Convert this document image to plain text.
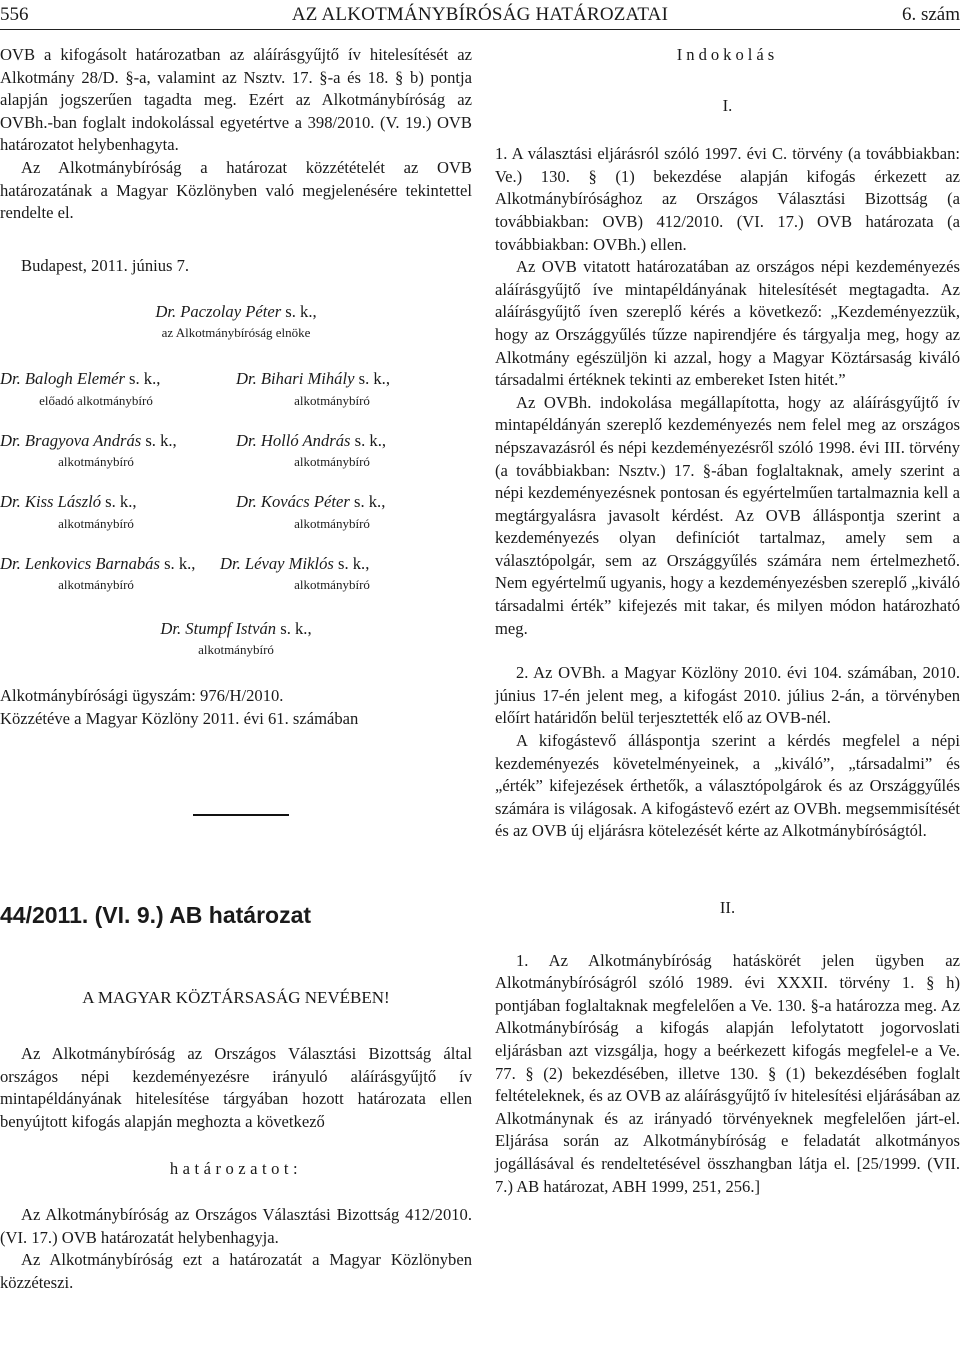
556	AZ ALKOTMÁNYBÍRÓSÁG HATÁROZATAI	6. szám

OVB a kifogásolt határozatban az aláírásgyűjtő ív hitelesítését az Alkotmány 28/D. §-a, valamint az Nsztv. 17. §-a és 18. § b) pontja alapján jogszerűen tagadta meg. Ezért az Alkotmánybíróság az OVBh.-ban foglalt indokolással egyetértve a 398/2010. (V. 19.) OVB határozatot helybenhagyta.

Az Alkotmánybíróság a határozat közzétételét az OVB határozatának a Magyar Közlönyben való megjelenésére tekintettel rendelte el.

Budapest, 2011. június 7.
Dr. Paczolay Péter s. k.,
az Alkotmánybíróság elnöke
Dr. Balogh Elemér s. k.,
előadó alkotmánybíró
Dr. Bihari Mihály s. k.,
alkotmánybíró
Dr. Bragyova András s. k.,
alkotmánybíró
Dr. Holló András s. k.,
alkotmánybíró
Dr. Kiss László s. k.,
alkotmánybíró
Dr. Kovács Péter s. k.,
alkotmánybíró
Dr. Lenkovics Barnabás s. k.,
alkotmánybíró
Dr. Lévay Miklós s. k.,
alkotmánybíró
Dr. Stumpf István s. k.,
alkotmánybíró
Alkotmánybírósági ügyszám: 976/H/2010.
Közzétéve a Magyar Közlöny 2011. évi 61. számában
44/2011. (VI. 9.) AB határozat
A MAGYAR KÖZTÁRSASÁG NEVÉBEN!

Az Alkotmánybíróság az Országos Választási Bizottság által országos népi kezdeményezésre irányuló aláírásgyűjtő ív mintapéldányának hitelesítése tárgyában hozott határozata ellen benyújtott kifogás alapján meghozta a következő

határozatot:

Az Alkotmánybíróság az Országos Választási Bizottság 412/2010. (VI. 17.) OVB határozatát helybenhagyja.

Az Alkotmánybíróság ezt a határozatát a Magyar Közlönyben közzéteszi.

Indokolás
I.

1. A választási eljárásról szóló 1997. évi C. törvény (a továbbiakban: Ve.) 130. § (1) bekezdése alapján kifogás érkezett az Alkotmánybírósághoz az Országos Választási Bizottság (a továbbiakban: OVB) 412/2010. (VI. 17.) OVB határozata (a továbbiakban: OVBh.) ellen.

Az OVB vitatott határozatában az országos népi kezdeményezés aláírásgyűjtő íve mintapéldányának hitelesítését megtagadta. Az aláírásgyűjtő íven szereplő kérés a következő: „Kezdeményezzük, hogy az Országgyűlés tűzze napirendjére és tárgyalja meg, hogy az Alkotmány egészüljön ki azzal, hogy a Magyar Köztársaság kiváló társadalmi értéknek tekinti az embereket Isten hitét.”

Az OVBh. indokolása megállapította, hogy az aláírásgyűjtő ív mintapéldányán szereplő kezdeményezés nem felel meg az országos népszavazásról és népi kezdeményezésről szóló 1998. évi III. törvény (a továbbiakban: Nsztv.) 17. §-ában foglaltaknak, amely szerint a népi kezdeményezésnek pontosan és egyértelműen tartalmaznia kell a megtárgyalásra javasolt kérdést. Az OVB álláspontja szerint a kezdeményezés olyan definíciót tartalmaz, amely sem a választópolgár, sem az Országgyűlés számára nem értelmezhető. Nem egyértelmű ugyanis, hogy a kezdeményezésben szereplő „kiváló társadalmi érték” kifejezés mit takar, és milyen módon határozható meg.

2. Az OVBh. a Magyar Közlöny 2010. évi 104. számában, 2010. június 17-én jelent meg, a kifogást 2010. július 2-án, a törvényben előírt határidőn belül terjesztették elő az OVB-nél.

A kifogástevő álláspontja szerint a kérdés megfelel a népi kezdeményezés követelményeinek, a „kiváló”, „társadalmi” és „érték” kifejezések érthetők, a választópolgárok és az Országgyűlés számára is világosak. A kifogástevő ezért az OVBh. megsemmisítését és az OVB új eljárásra kötelezését kérte az Alkotmánybíróságtól.

II.

1. Az Alkotmánybíróság hatáskörét jelen ügyben az Alkotmánybíróságról szóló 1989. évi XXXII. törvény 1. § h) pontjában foglaltaknak megfelelően a Ve. 130. §-a határozza meg. Az Alkotmánybíróság a kifogás alapján lefolytatott jogorvoslati eljárásban azt vizsgálja, hogy a beérkezett kifogás megfelel-e a Ve. 77. § (2) bekezdésében, illetve 130. § (1) bekezdésében foglalt feltételeknek, és az OVB az aláírásgyűjtő ív hitelesítési eljárásában az Alkotmánynak és az irányadó törvényeknek megfelelően járt-el. Eljárása során az Alkotmánybíróság e feladatát alkotmányos jogállásával és rendeltetésével összhangban látja el. [25/1999. (VII. 7.) AB határozat, ABH 1999, 251, 256.]
